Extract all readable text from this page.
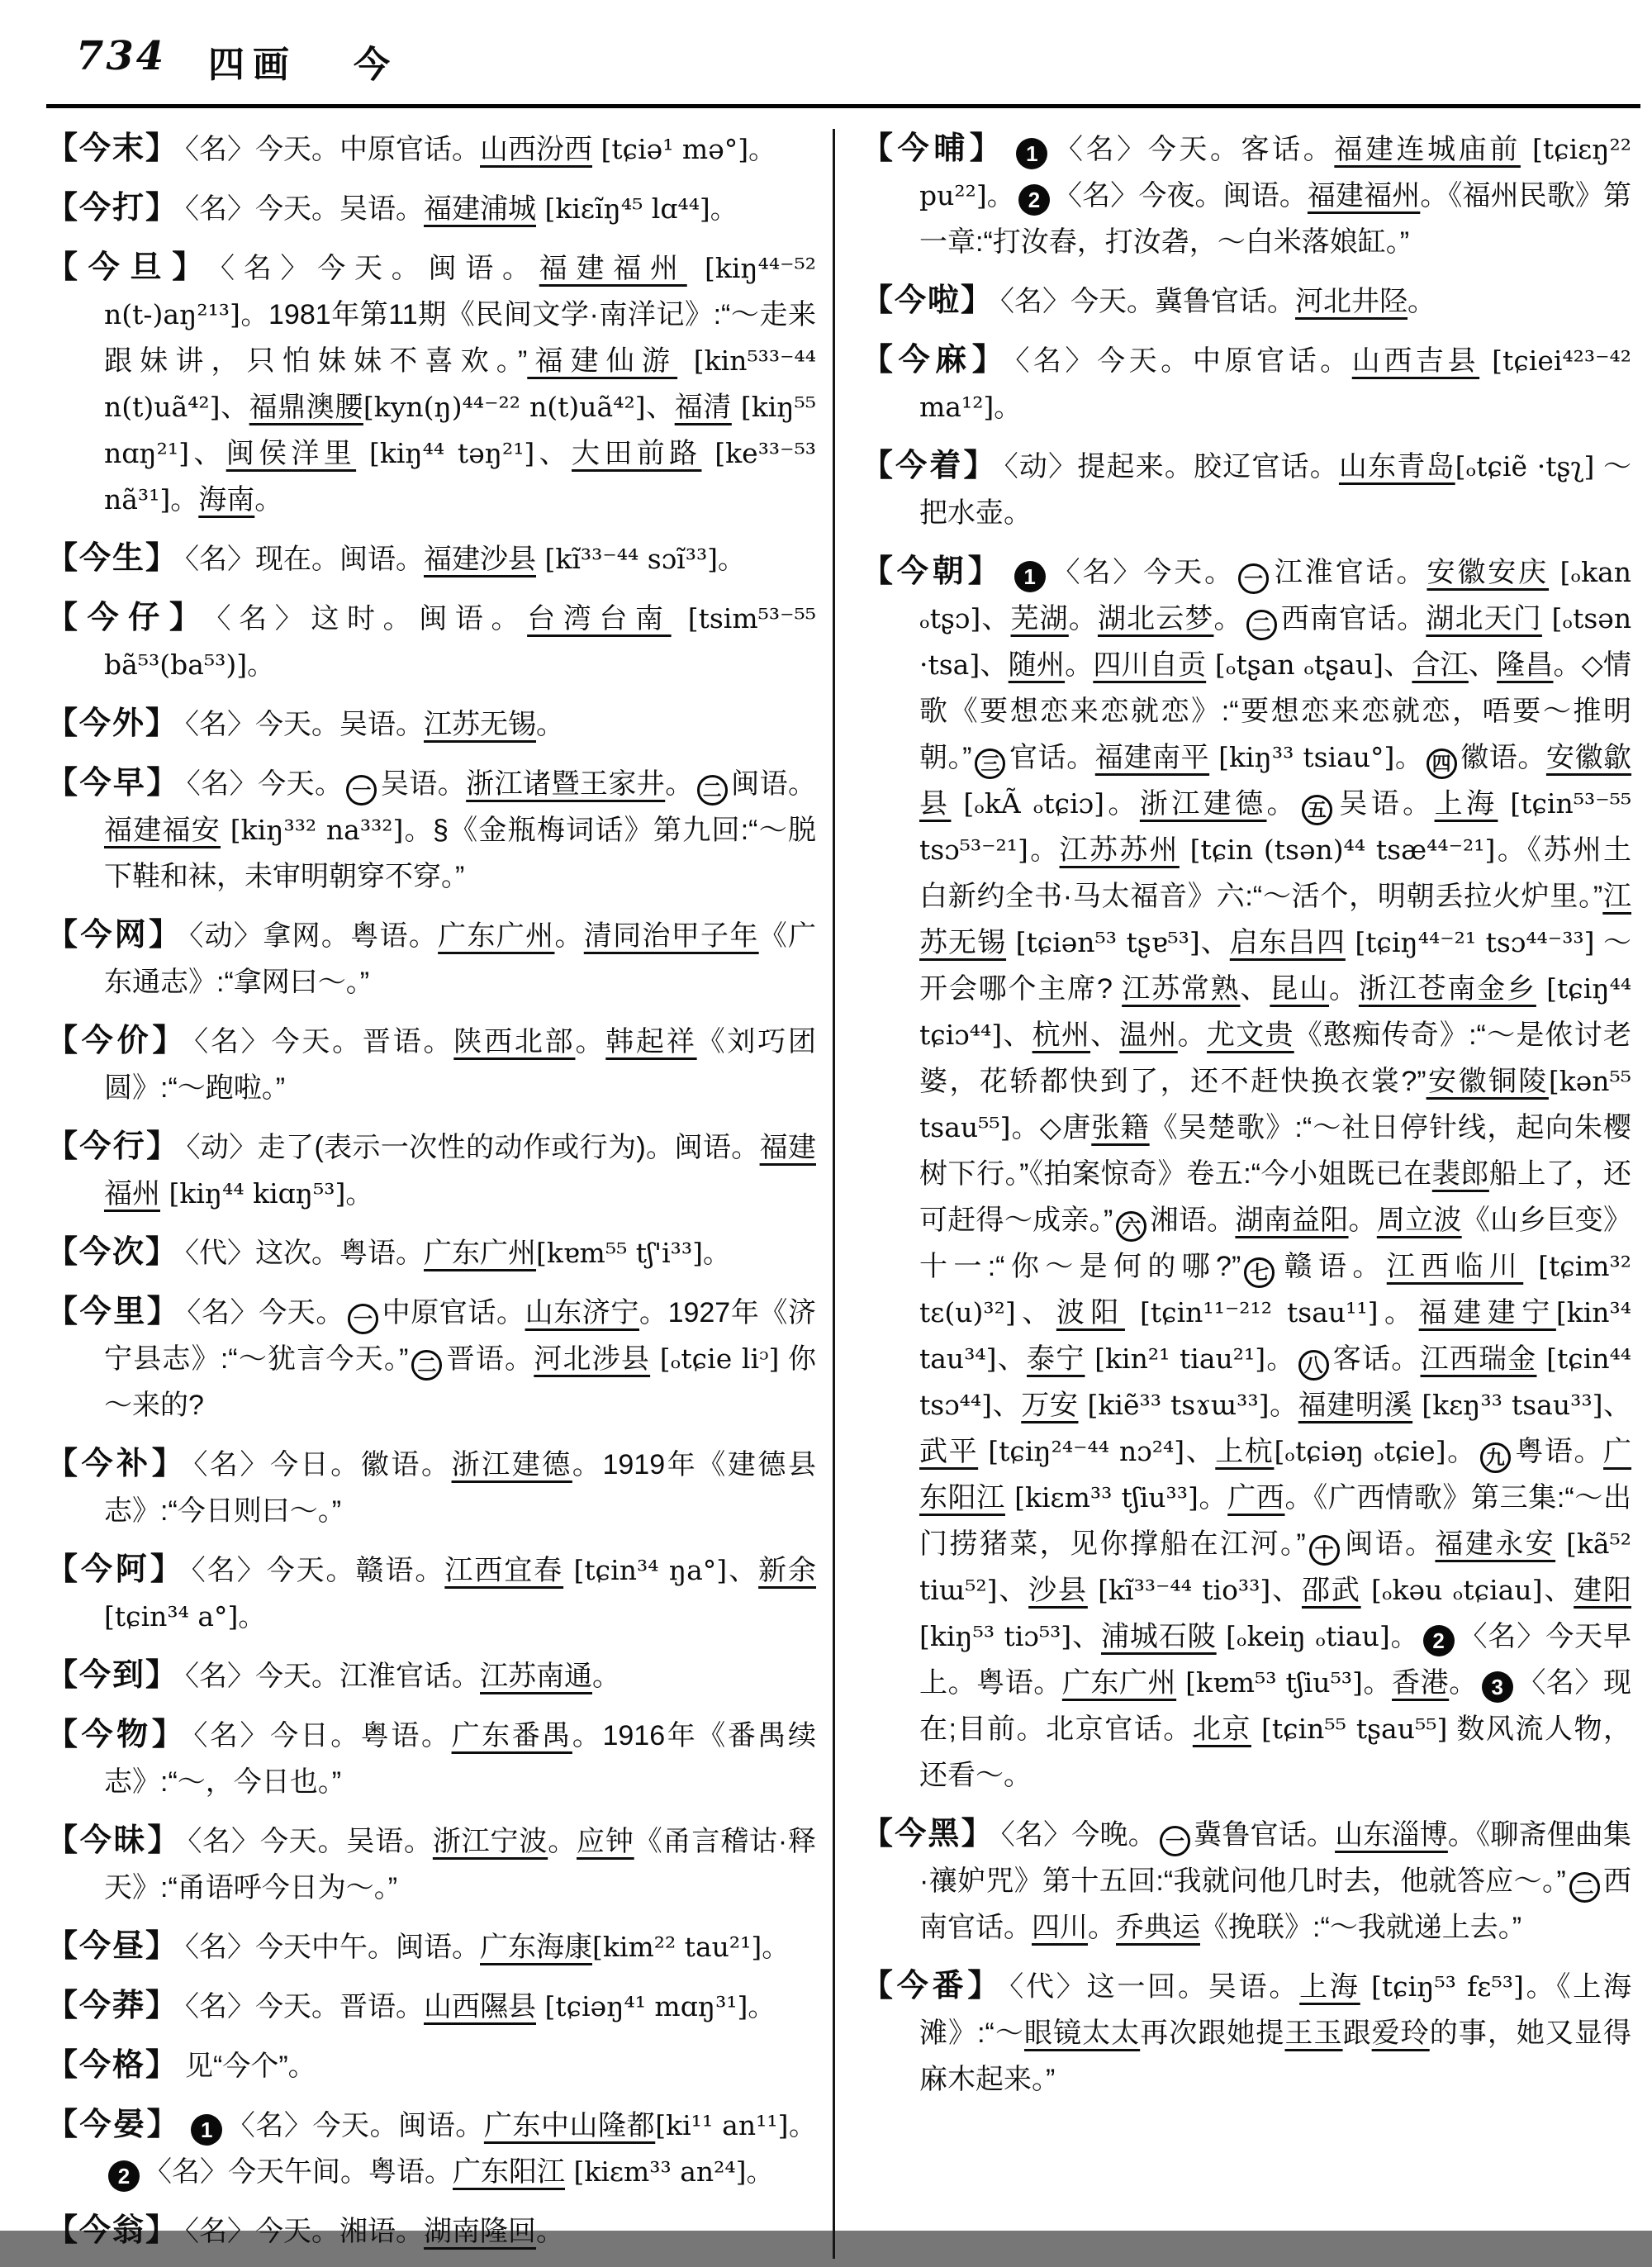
734 四画 今

【今末】 〈名〉今天。中原官话。山西汾西 [tɕiə¹ mə°]。

【今打】 〈名〉今天。吴语。福建浦城 [kiɛĩŋ⁴⁵ lɑ⁴⁴]。

【今旦】 〈名〉今天。闽语。福建福州 [kiŋ⁴⁴⁻⁵² n(t-)aŋ²¹³]。1981年第11期《民间文学·南洋记》:“～走来跟妹讲，只怕妹妹不喜欢。”福建仙游 [kin⁵³³⁻⁴⁴ n(t)uã⁴²]、福鼎澳腰[kyn(ŋ)⁴⁴⁻²² n(t)uã⁴²]、福清 [kiŋ⁵⁵ nɑŋ²¹]、闽侯洋里 [kiŋ⁴⁴ təŋ²¹]、大田前路 [ke³³⁻⁵³ nã³¹]。海南。

【今生】 〈名〉现在。闽语。福建沙县 [kĩ³³⁻⁴⁴ sɔĩ³³]。

【今仔】 〈名〉这时。闽语。台湾台南 [tsim⁵³⁻⁵⁵ bã⁵³(ba⁵³)]。

【今外】 〈名〉今天。吴语。江苏无锡。

【今早】 〈名〉今天。 一 吴语。浙江诸暨王家井。 二 闽语。福建福安 [kiŋ³³² na³³²]。§《金瓶梅词话》第九回:“～脱下鞋和袜，未审明朝穿不穿。”

【今网】 〈动〉拿网。粤语。广东广州。清同治甲子年《广东通志》:“拿网曰～。”

【今价】 〈名〉今天。晋语。陕西北部。韩起祥《刘巧团圆》:“～跑啦。”

【今行】 〈动〉走了(表示一次性的动作或行为)。闽语。福建福州 [kiŋ⁴⁴ kiɑŋ⁵³]。

【今次】 〈代〉这次。粤语。广东广州[kɐm⁵⁵ tʃ'i³³]。

【今里】 〈名〉今天。 一 中原官话。山东济宁。1927年《济宁县志》:“～犹言今天。” 二 晋语。河北涉县 [ₒtɕie liᵓ] 你～来的?

【今补】 〈名〉今日。徽语。浙江建德。1919年《建德县志》:“今日则曰～。”

【今阿】 〈名〉今天。赣语。江西宜春 [tɕin³⁴ ŋa°]、新余 [tɕin³⁴ a°]。

【今到】 〈名〉今天。江淮官话。江苏南通。

【今物】 〈名〉今日。粤语。广东番禺。1916年《番禺续志》:“～，今日也。”

【今昧】 〈名〉今天。吴语。浙江宁波。应钟《甬言稽诂·释天》:“甬语呼今日为～。”

【今昼】 〈名〉今天中午。闽语。广东海康[kim²² tau²¹]。

【今莽】 〈名〉今天。晋语。山西隰县 [tɕiəŋ⁴¹ mɑŋ³¹]。

【今格】 见“今个”。

【今晏】 1 〈名〉今天。闽语。广东中山隆都[ki¹¹ an¹¹]。2 〈名〉今天午间。粤语。广东阳江 [kiɛm³³ an²⁴]。

【今翁】 〈名〉今天。湘语。湖南隆回。

【今晡】 1 〈名〉今天。客话。福建连城庙前 [tɕiɛŋ²² pu²²]。 2 〈名〉今夜。闽语。福建福州。《福州民歌》第一章:“打汝舂，打汝砻，～白米落娘缸。”

【今啦】 〈名〉今天。冀鲁官话。河北井陉。

【今麻】 〈名〉今天。中原官话。山西吉县 [tɕiei⁴²³⁻⁴² ma¹²]。

【今着】 〈动〉提起来。胶辽官话。山东青岛[ₒtɕiẽ ·tʂʅ] ～把水壶。

【今朝】 1 〈名〉今天。 一 江淮官话。安徽安庆 [ₒkan ₒtʂɔ]、芜湖。湖北云梦。 二 西南官话。湖北天门 [ₒtsən ·tsa]、随州。四川自贡 [ₒtʂan ₒtʂau]、合江、隆昌。◇情歌《要想恋来恋就恋》:“要想恋来恋就恋，唔要～推明朝。” 三 官话。福建南平 [kiŋ³³ tsiau°]。 四 徽语。安徽歙县 [ₒkÃ ₒtɕiɔ]。浙江建德。 五 吴语。上海 [tɕin⁵³⁻⁵⁵ tsɔ⁵³⁻²¹]。江苏苏州 [tɕin (tsən)⁴⁴ tsæ⁴⁴⁻²¹]。《苏州土白新约全书·马太福音》六:“～活个，明朝丢拉火炉里。”江苏无锡 [tɕiən⁵³ tʂɐ⁵³]、启东吕四 [tɕiŋ⁴⁴⁻²¹ tsɔ⁴⁴⁻³³] ～开会哪个主席? 江苏常熟、昆山。浙江苍南金乡 [tɕiŋ⁴⁴ tɕiɔ⁴⁴]、杭州、温州。尤文贵《憨痴传奇》:“～是侬讨老婆，花轿都快到了，还不赶快换衣裳?”安徽铜陵[kən⁵⁵ tsau⁵⁵]。◇唐张籍《吴楚歌》:“～社日停针线，起向朱樱树下行。”《拍案惊奇》卷五:“今小姐既已在裴郎船上了，还可赶得～成亲。” 六 湘语。湖南益阳。周立波《山乡巨变》十一:“你～是何的哪?” 七 赣语。江西临川 [tɕim³² tɛ(u)³²]、波阳 [tɕin¹¹⁻²¹² tsau¹¹]。福建建宁[kin³⁴ tau³⁴]、泰宁 [kin²¹ tiau²¹]。 八 客话。江西瑞金 [tɕin⁴⁴ tsɔ⁴⁴]、万安 [kiẽ³³ tsɤɯ³³]。福建明溪 [kɛŋ³³ tsau³³]、武平 [tɕiŋ²⁴⁻⁴⁴ nɔ²⁴]、上杭[ₒtɕiəŋ ₒtɕie]。 九 粤语。广东阳江 [kiɛm³³ tʃiu³³]。广西。《广西情歌》第三集:“～出门捞猪菜，见你撑船在江河。” 十 闽语。福建永安 [kã⁵² tiɯ⁵²]、沙县 [kĩ³³⁻⁴⁴ tio³³]、邵武 [ₒkəu ₒtɕiau]、建阳 [kiŋ⁵³ tiɔ⁵³]、浦城石陂 [ₒkeiŋ ₒtiau]。 2 〈名〉今天早上。粤语。广东广州 [kɐm⁵³ tʃiu⁵³]。香港。 3 〈名〉现在;目前。北京官话。北京 [tɕin⁵⁵ tʂau⁵⁵] 数风流人物，还看～。

【今黑】 〈名〉今晚。 一 冀鲁官话。山东淄博。《聊斋俚曲集·禳妒咒》第十五回:“我就问他几时去，他就答应～。” 二 西南官话。四川。乔典运《挽联》:“～我就递上去。”

【今番】 〈代〉这一回。吴语。上海 [tɕiŋ⁵³ fɛ⁵³]。《上海滩》:“～眼镜太太再次跟她提王玉跟爱玲的事，她又显得麻木起来。”
